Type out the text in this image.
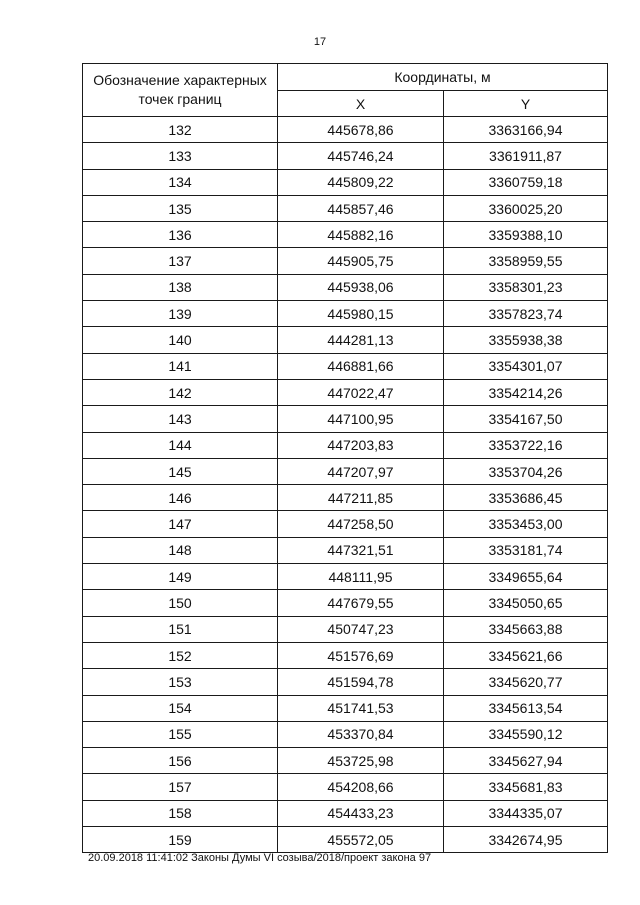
17
Обозначение характерных точек границ	Координаты, м	
	X	Y
132	445678,86	3363166,94
133	445746,24	3361911,87
134	445809,22	3360759,18
135	445857,46	3360025,20
136	445882,16	3359388,10
137	445905,75	3358959,55
138	445938,06	3358301,23
139	445980,15	3357823,74
140	444281,13	3355938,38
141	446881,66	3354301,07
142	447022,47	3354214,26
143	447100,95	3354167,50
144	447203,83	3353722,16
145	447207,97	3353704,26
146	447211,85	3353686,45
147	447258,50	3353453,00
148	447321,51	3353181,74
149	448111,95	3349655,64
150	447679,55	3345050,65
151	450747,23	3345663,88
152	451576,69	3345621,66
153	451594,78	3345620,77
154	451741,53	3345613,54
155	453370,84	3345590,12
156	453725,98	3345627,94
157	454208,66	3345681,83
158	454433,23	3344335,07
159	455572,05	3342674,95
20.09.2018 11:41:02 Законы Думы VI созыва/2018/проект закона 97
